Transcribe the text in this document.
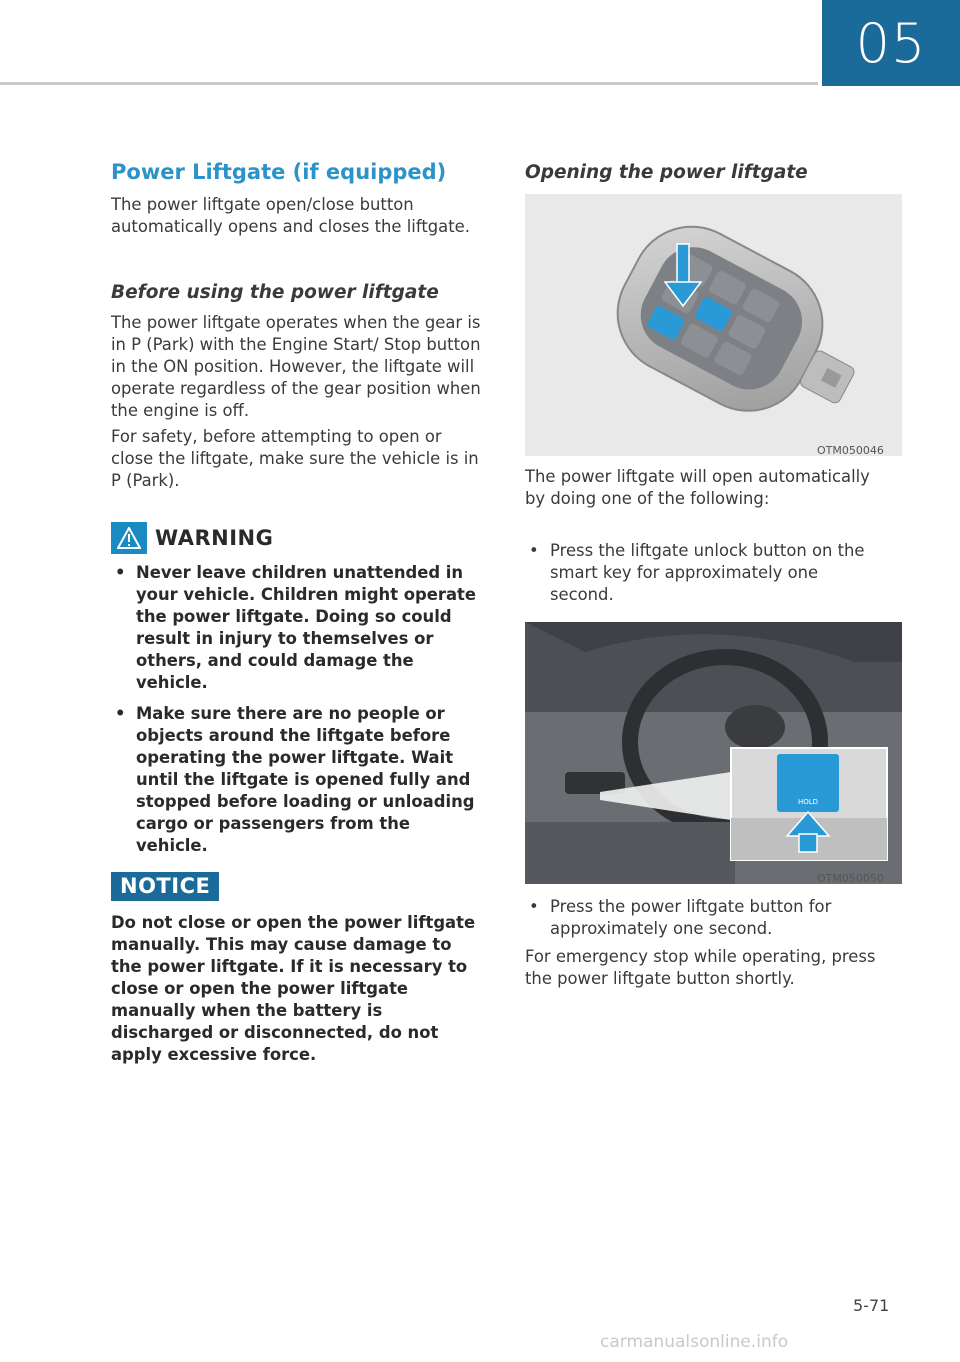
05
Power Liftgate (if equipped)

The power liftgate open/close button automatically opens and closes the liftgate.

Before using the power liftgate

The power liftgate operates when the gear is in P (Park) with the Engine Start/ Stop button in the ON position. However, the liftgate will operate regardless of the gear position when the engine is off.

For safety, before attempting to open or close the liftgate, make sure the vehicle is in P (Park).

WARNING
• Never leave children unattended in your vehicle. Children might operate the power liftgate. Doing so could result in injury to themselves or others, and could damage the vehicle.
• Make sure there are no people or objects around the liftgate before operating the power liftgate. Wait until the liftgate is opened fully and stopped before loading or unloading cargo or passengers from the vehicle.
NOTICE

Do not close or open the power liftgate manually. This may cause damage to the power liftgate. If it is necessary to close or open the power liftgate manually when the battery is discharged or disconnected, do not apply excessive force.

Opening the power liftgate
OTM050046

The power liftgate will open automatically by doing one of the following:

• Press the liftgate unlock button on the smart key for approximately one second.
HOLD
OTM050050
• Press the power liftgate button for approximately one second.

For emergency stop while operating, press the power liftgate button shortly.

5-71
carmanualsonline.info
